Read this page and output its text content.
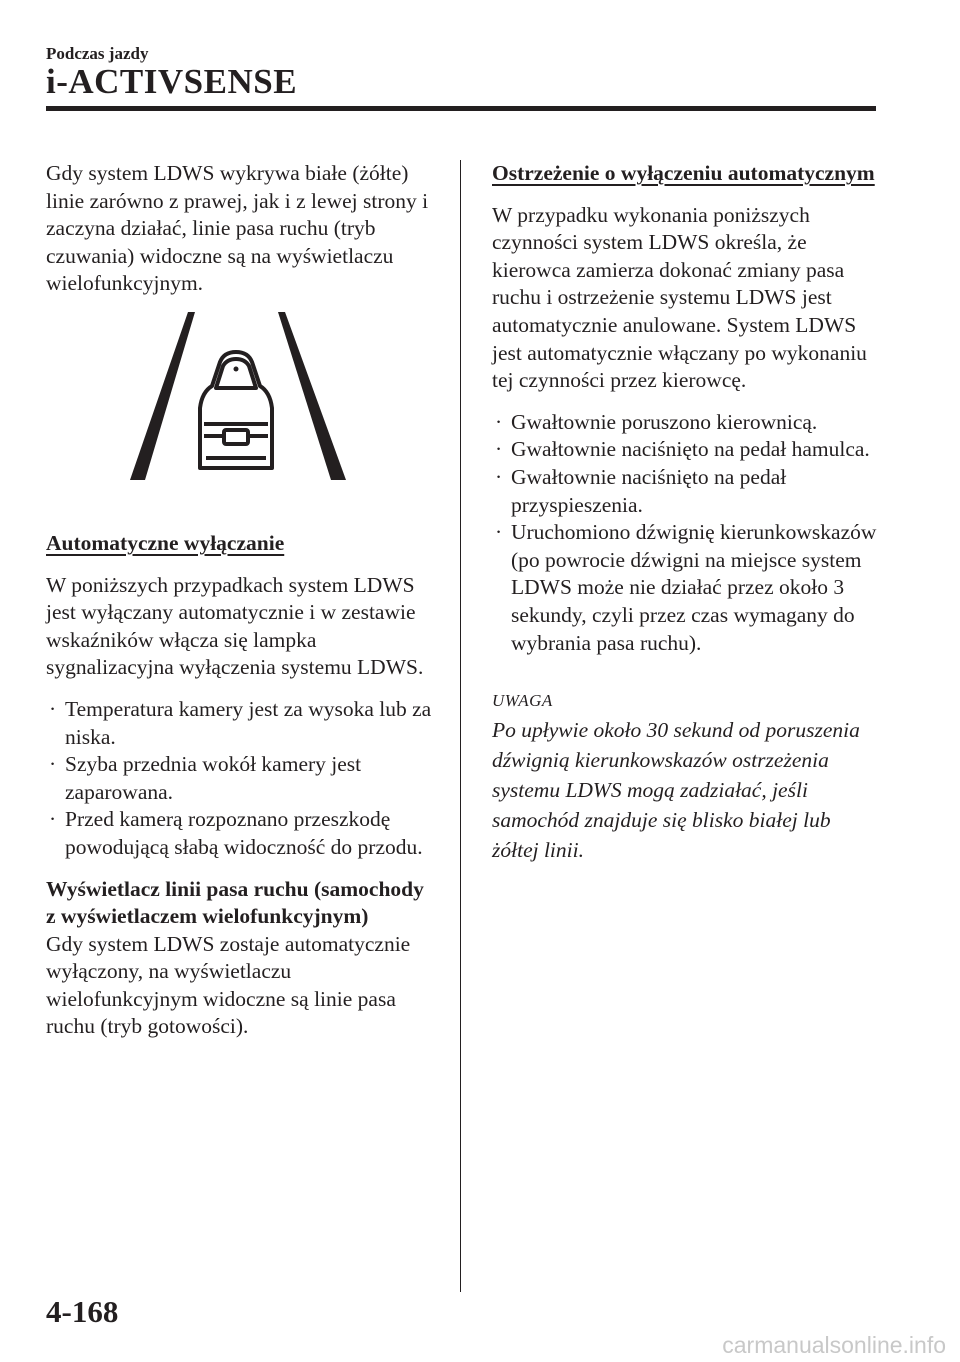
Podczas jazdy
i-ACTIVSENSE

Gdy system LDWS wykrywa białe (żółte) linie zarówno z prawej, jak i z lewej strony i zaczyna działać, linie pasa ruchu (tryb czuwania) widoczne są na wyświetlaczu wielofunkcyjnym.

Automatyczne wyłączanie

W poniższych przypadkach system LDWS jest wyłączany automatycznie i w zestawie wskaźników włącza się lampka sygnalizacyjna wyłączenia systemu LDWS.

· Temperatura kamery jest za wysoka lub za niska.
· Szyba przednia wokół kamery jest zaparowana.
· Przed kamerą rozpoznano przeszkodę powodującą słabą widoczność do przodu.

Wyświetlacz linii pasa ruchu (samochody z wyświetlaczem wielofunkcyjnym)

Gdy system LDWS zostaje automatycznie wyłączony, na wyświetlaczu wielofunkcyjnym widoczne są linie pasa ruchu (tryb gotowości).

Ostrzeżenie o wyłączeniu automatycznym

W przypadku wykonania poniższych czynności system LDWS określa, że kierowca zamierza dokonać zmiany pasa ruchu i ostrzeżenie systemu LDWS jest automatycznie anulowane. System LDWS jest automatycznie włączany po wykonaniu tej czynności przez kierowcę.

· Gwałtownie poruszono kierownicą.
· Gwałtownie naciśnięto na pedał hamulca.
· Gwałtownie naciśnięto na pedał przyspieszenia.
· Uruchomiono dźwignię kierunkowskazów (po powrocie dźwigni na miejsce system LDWS może nie działać przez około 3 sekundy, czyli przez czas wymagany do wybrania pasa ruchu).

UWAGA

Po upływie około 30 sekund od poruszenia dźwignią kierunkowskazów ostrzeżenia systemu LDWS mogą zadziałać, jeśli samochód znajduje się blisko białej lub żółtej linii.

4-168
carmanualsonline.info
